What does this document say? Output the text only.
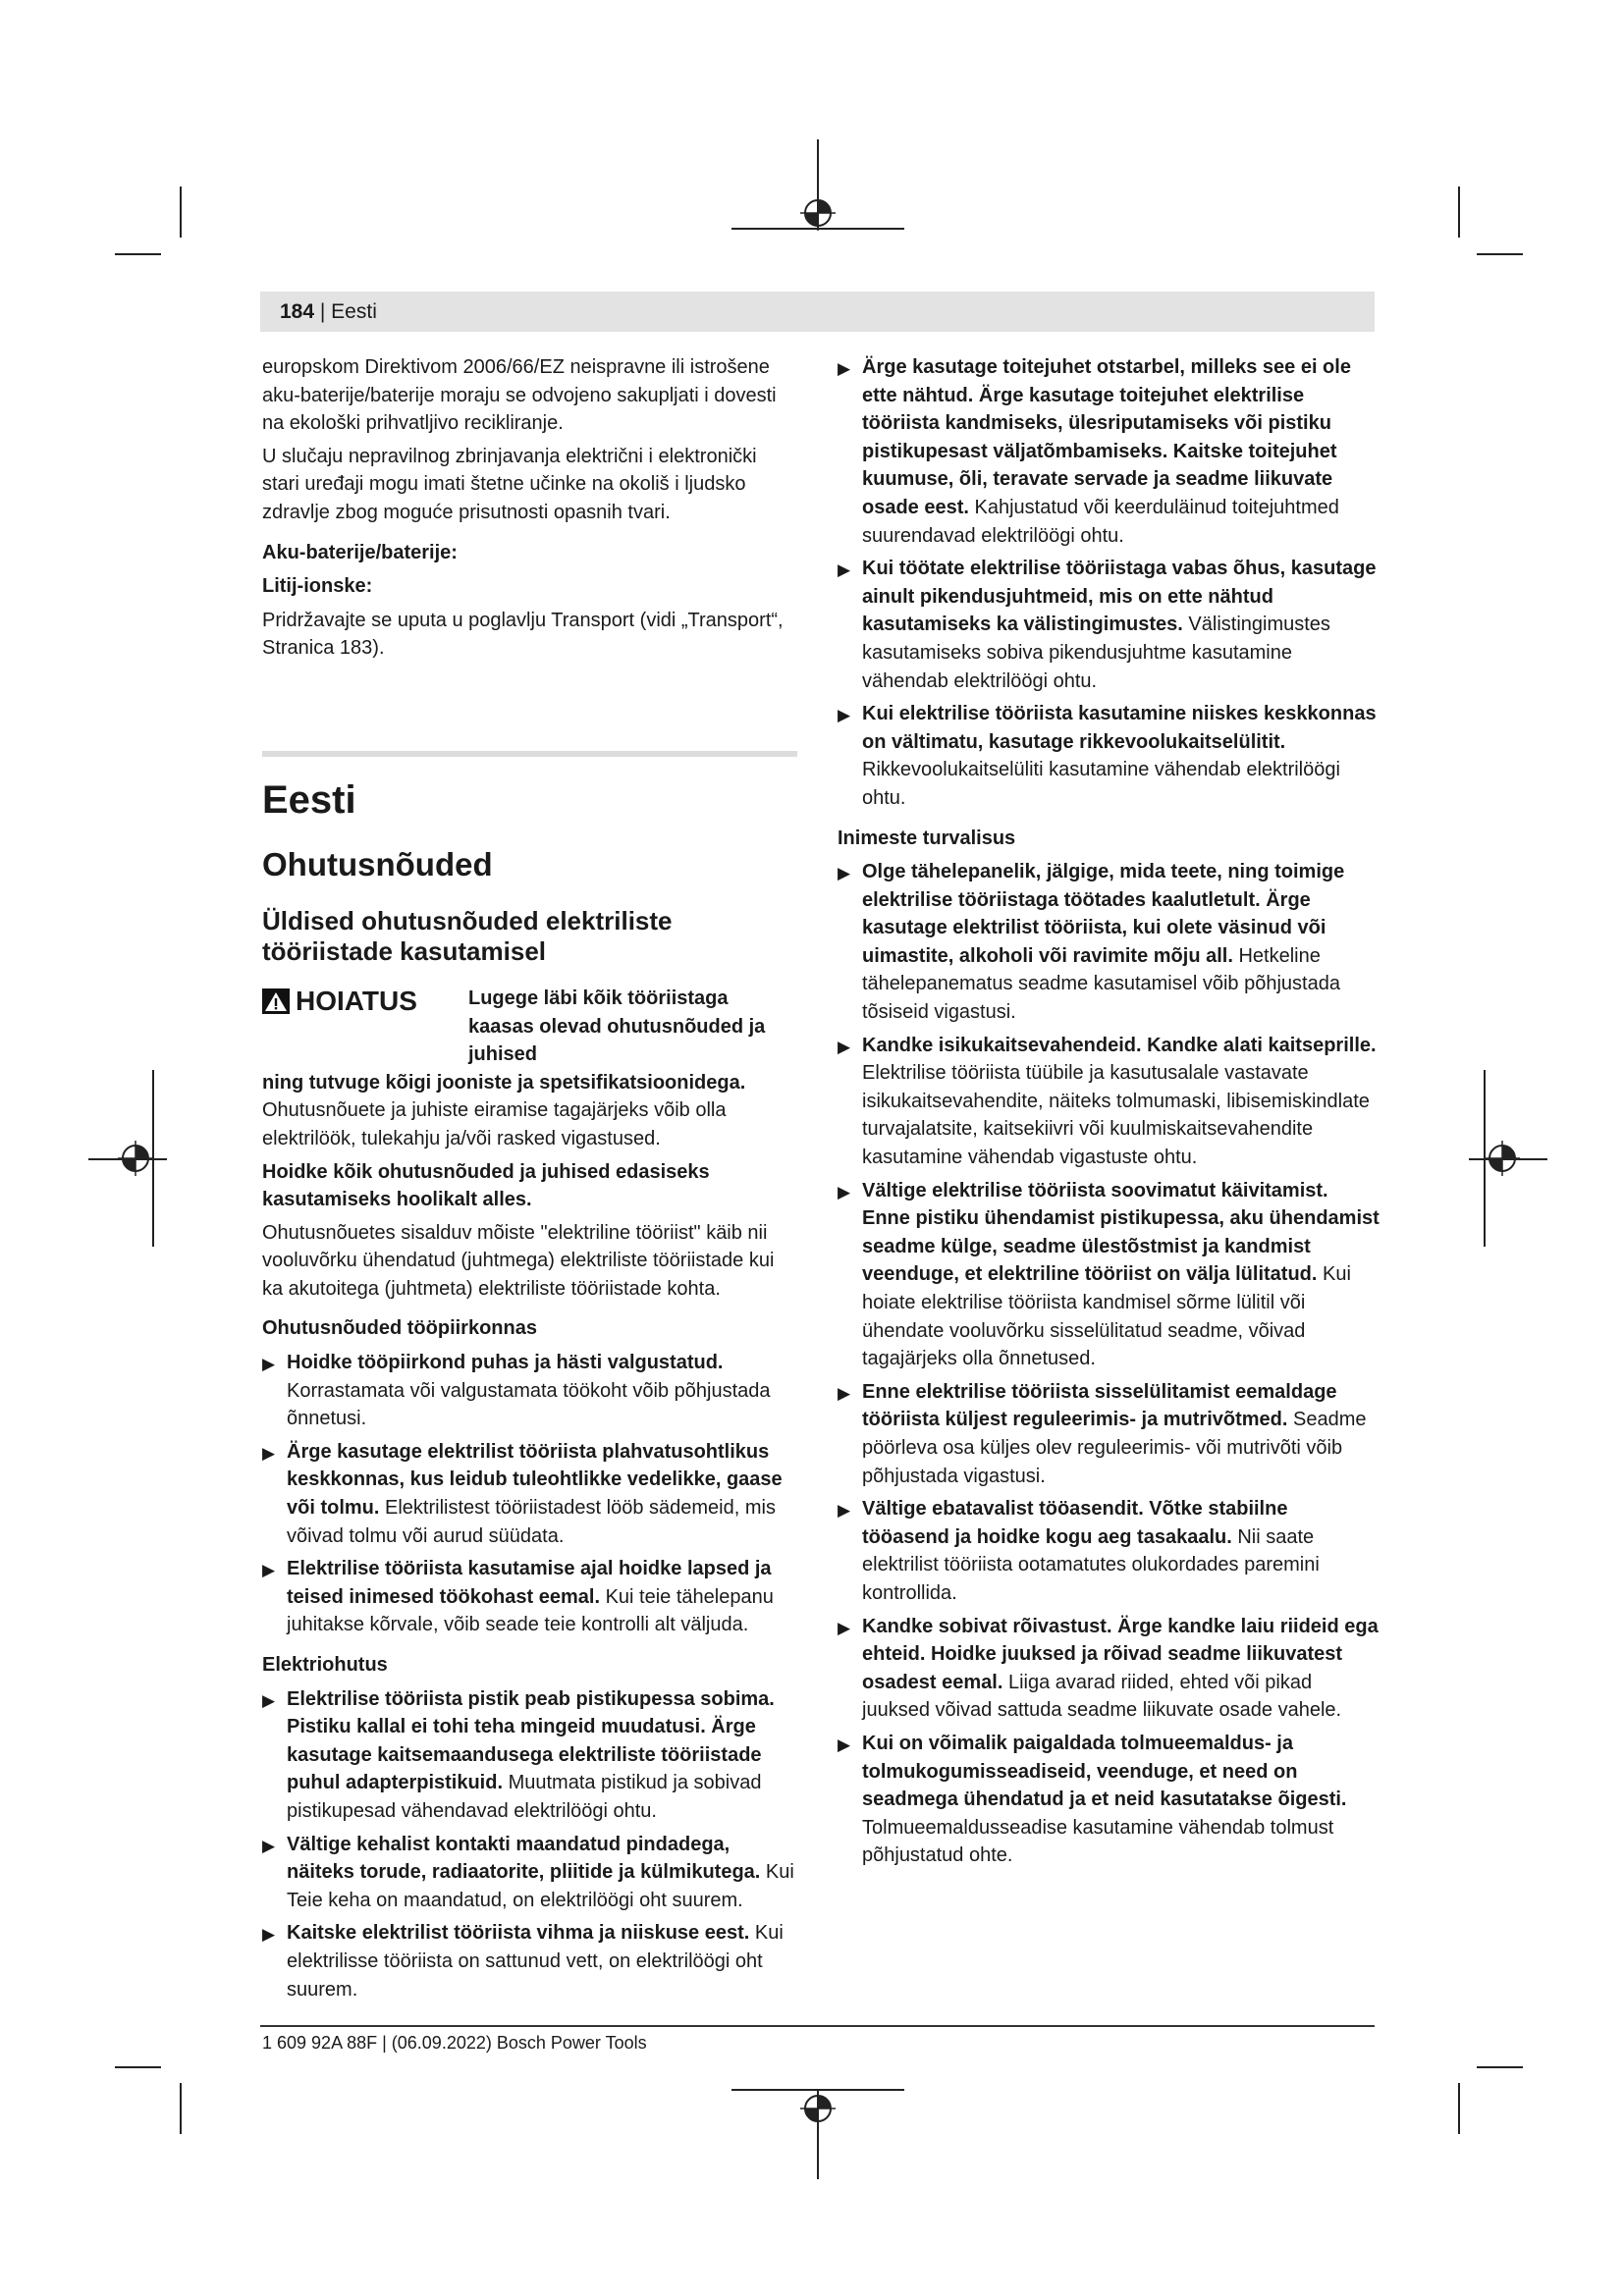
184 | Eesti

europskom Direktivom 2006/66/EZ neispravne ili istrošene aku-baterije/baterije moraju se odvojeno sakupljati i dovesti na ekološki prihvatljivo recikliranje.

U slučaju nepravilnog zbrinjavanja električni i elektronički stari uređaji mogu imati štetne učinke na okoliš i ljudsko zdravlje zbog moguće prisutnosti opasnih tvari.

Aku-baterije/baterije:
Litij-ionske:

Pridržavajte se uputa u poglavlju Transport (vidi „Transport“, Stranica 183).

Eesti
Ohutusnõuded
Üldised ohutusnõuded elektriliste tööriistade kasutamisel
HOIATUS	Lugege läbi kõik tööriistaga kaasas olevad ohutusnõuded ja juhised

ning tutvuge kõigi jooniste ja spetsifikatsioonidega.

Ohutusnõuete ja juhiste eiramise tagajärjeks võib olla elektrilöök, tulekahju ja/või rasked vigastused.

Hoidke kõik ohutusnõuded ja juhised edasiseks kasutamiseks hoolikalt alles.

Ohutusnõuetes sisalduv mõiste "elektriline tööriist" käib nii vooluvõrku ühendatud (juhtmega) elektriliste tööriistade kui ka akutoitega (juhtmeta) elektriliste tööriistade kohta.

Ohutusnõuded tööpiirkonnas
▶ Hoidke tööpiirkond puhas ja hästi valgustatud. Korrastamata või valgustamata töökoht võib põhjustada õnnetusi.
▶ Ärge kasutage elektrilist tööriista plahvatusohtlikus keskkonnas, kus leidub tuleohtlikke vedelikke, gaase või tolmu. Elektrilistest tööriistadest lööb sädemeid, mis võivad tolmu või aurud süüdata.
▶ Elektrilise tööriista kasutamise ajal hoidke lapsed ja teised inimesed töökohast eemal. Kui teie tähelepanu juhitakse kõrvale, võib seade teie kontrolli alt väljuda.
Elektriohutus
▶ Elektrilise tööriista pistik peab pistikupessa sobima. Pistiku kallal ei tohi teha mingeid muudatusi. Ärge kasutage kaitsemaandusega elektriliste tööriistade puhul adapterpistikuid. Muutmata pistikud ja sobivad pistikupesad vähendavad elektrilöögi ohtu.
▶ Vältige kehalist kontakti maandatud pindadega, näiteks torude, radiaatorite, pliitide ja külmikutega. Kui Teie keha on maandatud, on elektrilöögi oht suurem.
▶ Kaitske elektrilist tööriista vihma ja niiskuse eest. Kui elektrilisse tööriista on sattunud vett, on elektrilöögi oht suurem.
▶ Ärge kasutage toitejuhet otstarbel, milleks see ei ole ette nähtud. Ärge kasutage toitejuhet elektrilise tööriista kandmiseks, ülesriputamiseks või pistiku pistikupesast väljatõmbamiseks. Kaitske toitejuhet kuumuse, õli, teravate servade ja seadme liikuvate osade eest. Kahjustatud või keerduläinud toitejuhtmed suurendavad elektrilöögi ohtu.
▶ Kui töötate elektrilise tööriistaga vabas õhus, kasutage ainult pikendusjuhtmeid, mis on ette nähtud kasutamiseks ka välistingimustes. Välistingimustes kasutamiseks sobiva pikendusjuhtme kasutamine vähendab elektrilöögi ohtu.
▶ Kui elektrilise tööriista kasutamine niiskes keskkonnas on vältimatu, kasutage rikkevoolukaitselülitit. Rikkevoolukaitselüliti kasutamine vähendab elektrilöögi ohtu.
Inimeste turvalisus
▶ Olge tähelepanelik, jälgige, mida teete, ning toimige elektrilise tööriistaga töötades kaalutletult. Ärge kasutage elektrilist tööriista, kui olete väsinud või uimastite, alkoholi või ravimite mõju all. Hetkeline tähelepanematus seadme kasutamisel võib põhjustada tõsiseid vigastusi.
▶ Kandke isikukaitsevahendeid. Kandke alati kaitseprille. Elektrilise tööriista tüübile ja kasutusalale vastavate isikukaitsevahendite, näiteks tolmumaski, libisemiskindlate turvajalatsite, kaitsekiivri või kuulmiskaitsevahendite kasutamine vähendab vigastuste ohtu.
▶ Vältige elektrilise tööriista soovimatut käivitamist. Enne pistiku ühendamist pistikupessa, aku ühendamist seadme külge, seadme ülestõstmist ja kandmist veenduge, et elektriline tööriist on välja lülitatud. Kui hoiate elektrilise tööriista kandmisel sõrme lülitil või ühendate vooluvõrku sisselülitatud seadme, võivad tagajärjeks olla õnnetused.
▶ Enne elektrilise tööriista sisselülitamist eemaldage tööriista küljest reguleerimis- ja mutrivõtmed. Seadme pöörleva osa küljes olev reguleerimis- või mutrivõti võib põhjustada vigastusi.
▶ Vältige ebatavalist tööasendit. Võtke stabiilne tööasend ja hoidke kogu aeg tasakaalu. Nii saate elektrilist tööriista ootamatutes olukordades paremini kontrollida.
▶ Kandke sobivat rõivastust. Ärge kandke laiu riideid ega ehteid. Hoidke juuksed ja rõivad seadme liikuvatest osadest eemal. Liiga avarad riided, ehted või pikad juuksed võivad sattuda seadme liikuvate osade vahele.
▶ Kui on võimalik paigaldada tolmueemaldus- ja tolmukogumisseadiseid, veenduge, et need on seadmega ühendatud ja et neid kasutatakse õigesti. Tolmueemaldusseadise kasutamine vähendab tolmust põhjustatud ohte.
1 609 92A 88F | (06.09.2022) Bosch Power Tools
